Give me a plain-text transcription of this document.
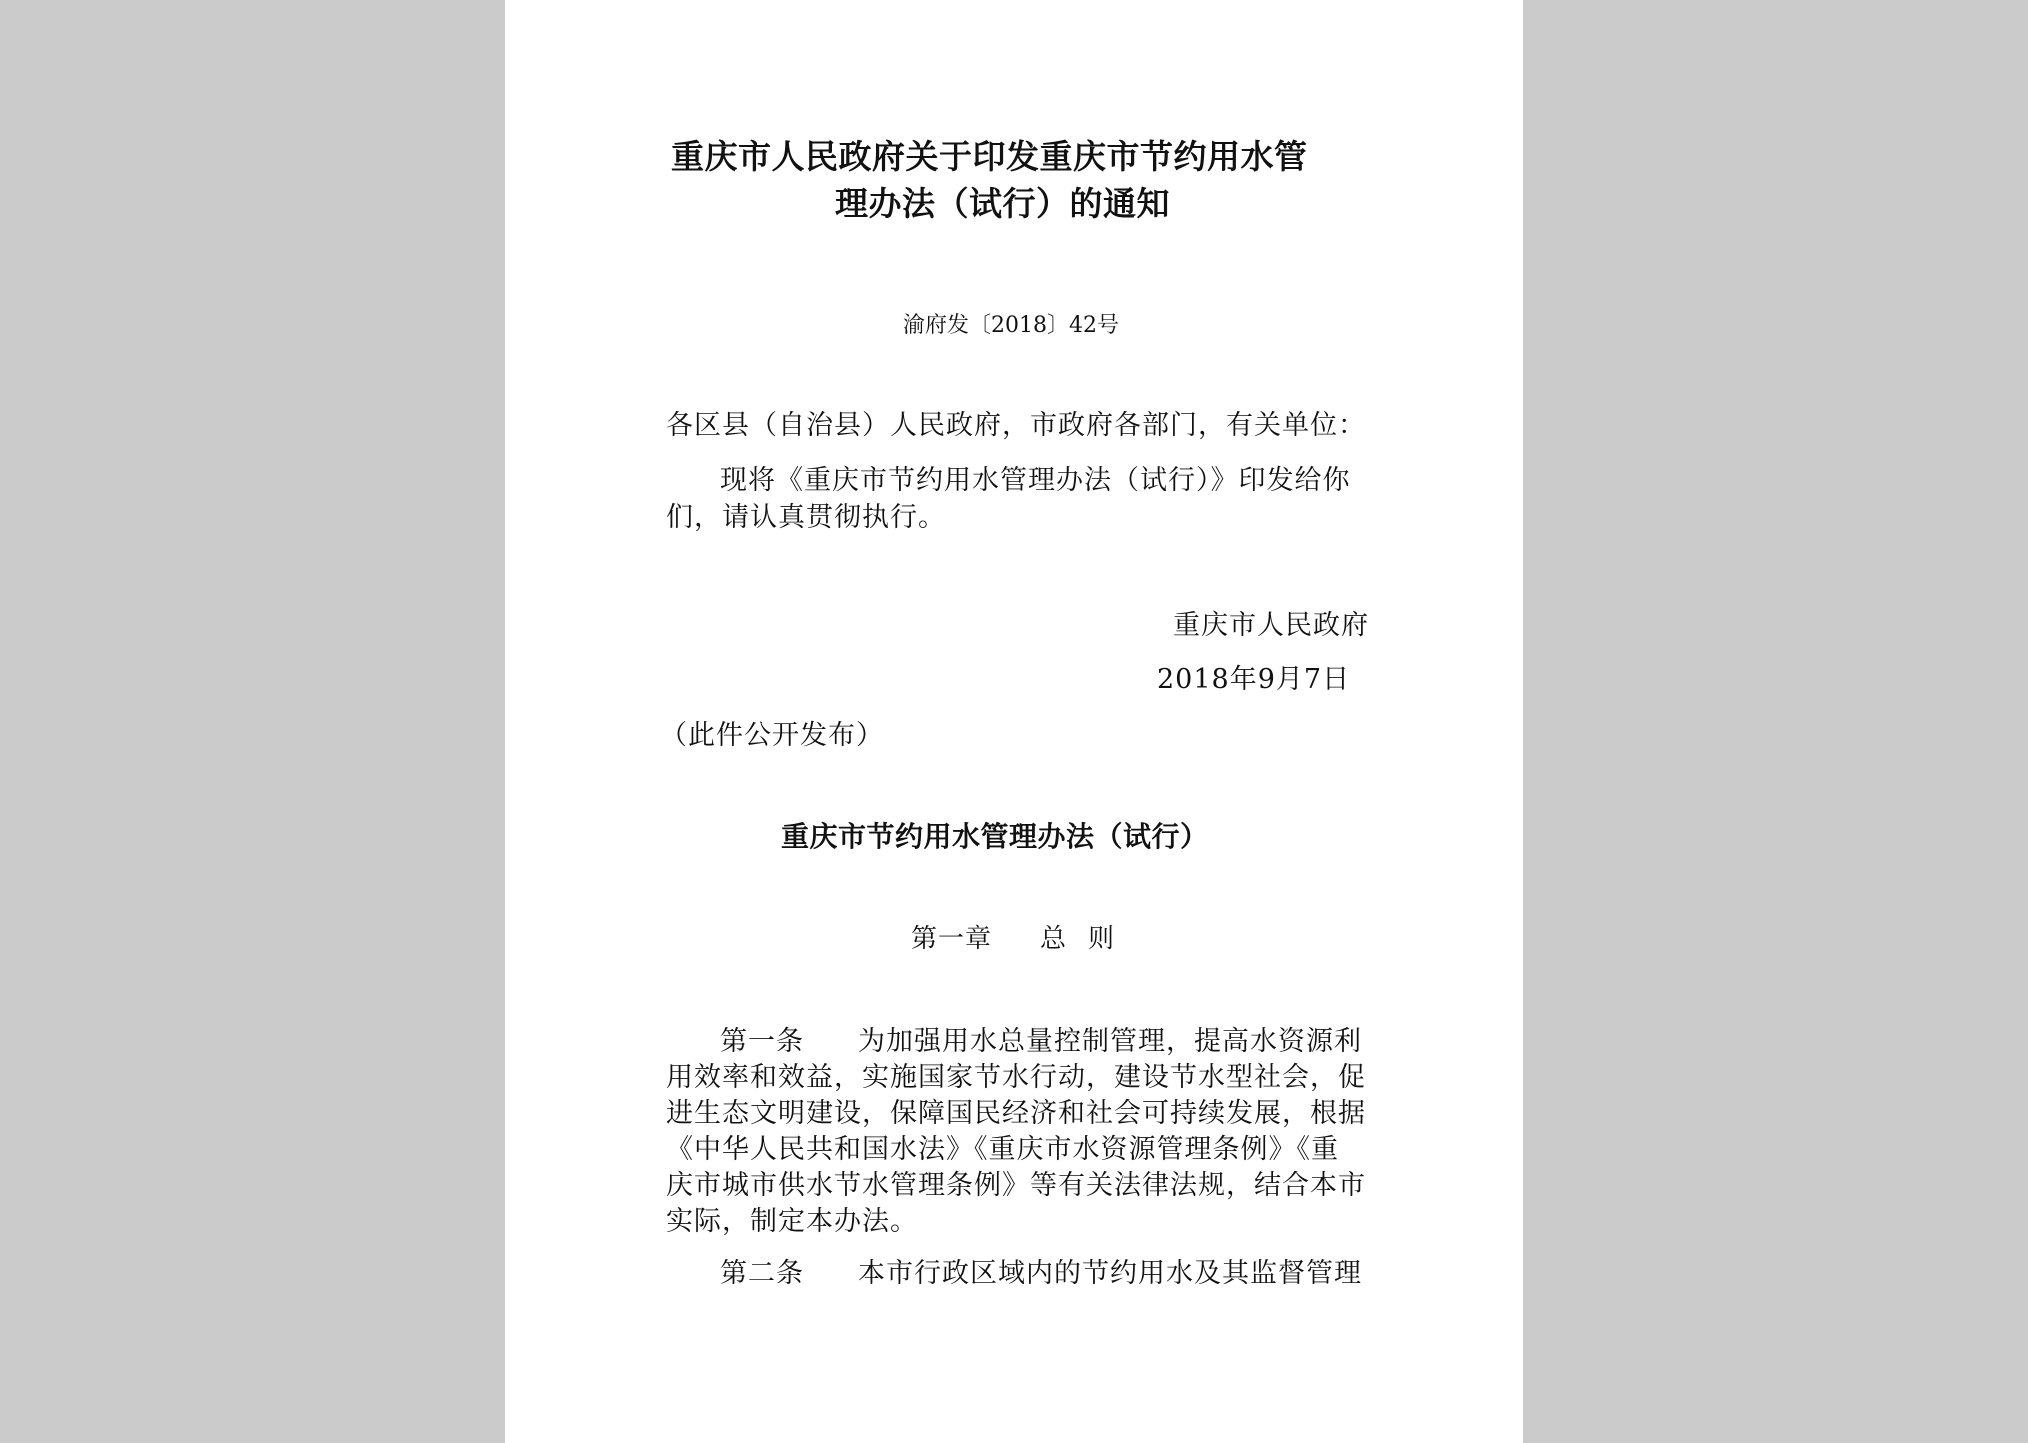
重庆市人民政府关于印发重庆市节约用水管
理办法（试行）的通知
渝府发〔2018〕42号
各区县（自治县）人民政府，市政府各部门，有关单位：
现将《重庆市节约用水管理办法（试行）》印发给你
们，请认真贯彻执行。
重庆市人民政府
2018年9月7日
（此件公开发布）
重庆市节约用水管理办法（试行）
第一章 总则
第一条 为加强用水总量控制管理，提高水资源利
用效率和效益，实施国家节水行动，建设节水型社会，促
进生态文明建设，保障国民经济和社会可持续发展，根据
《中华人民共和国水法》《重庆市水资源管理条例》《重
庆市城市供水节水管理条例》等有关法律法规，结合本市
实际，制定本办法。
第二条 本市行政区域内的节约用水及其监督管理
